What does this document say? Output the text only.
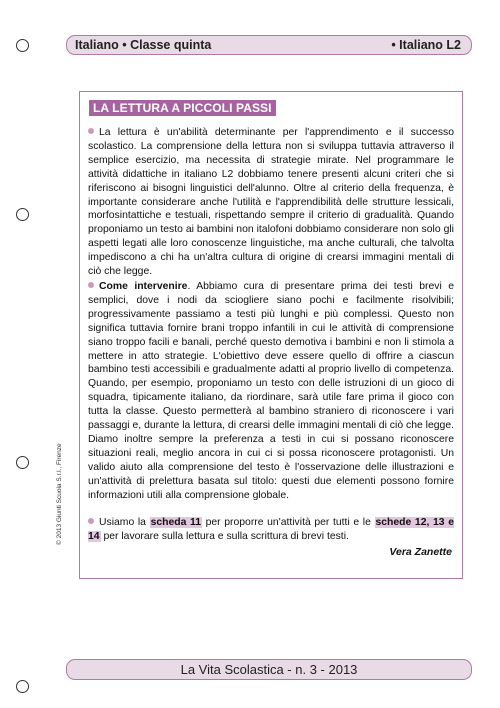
Italiano • Classe quinta	• Italiano L2
LA LETTURA A PICCOLI PASSI

La lettura è un'abilità determinante per l'apprendimento e il successo scolastico. La comprensione della lettura non si sviluppa tuttavia attraverso il semplice esercizio, ma necessita di strategie mirate. Nel programmare le attività didattiche in italiano L2 dobbiamo tenere presenti alcuni criteri che si riferiscono ai bisogni linguistici dell'alunno. Oltre al criterio della frequenza, è importante considerare anche l'utilità e l'apprendibilità delle strutture lessicali, morfosintattiche e testuali, rispettando sempre il criterio di gradualità. Quando proponiamo un testo ai bambini non italofoni dobbiamo considerare non solo gli aspetti legati alle loro conoscenze linguistiche, ma anche culturali, che talvolta impediscono a chi ha un'altra cultura di origine di crearsi immagini mentali di ciò che legge.

Come intervenire. Abbiamo cura di presentare prima dei testi brevi e semplici, dove i nodi da sciogliere siano pochi e facilmente risolvibili; progressivamente passiamo a testi più lunghi e più complessi. Questo non significa tuttavia fornire brani troppo infantili in cui le attività di comprensione siano troppo facili e banali, perché questo demotiva i bambini e non li stimola a mettere in atto strategie. L'obiettivo deve essere quello di offrire a ciascun bambino testi accessibili e gradualmente adatti al proprio livello di competenza. Quando, per esempio, proponiamo un testo con delle istruzioni di un gioco di squadra, tipicamente italiano, da riordinare, sarà utile fare prima il gioco con tutta la classe. Questo permetterà al bambino straniero di riconoscere i vari passaggi e, durante la lettura, di crearsi delle immagini mentali di ciò che legge. Diamo inoltre sempre la preferenza a testi in cui si possano riconoscere situazioni reali, meglio ancora in cui ci si possa riconoscere protagonisti. Un valido aiuto alla comprensione del testo è l'osservazione delle illustrazioni e un'attività di prelettura basata sul titolo: questi due elementi possono fornire informazioni utili alla comprensione globale.

Usiamo la scheda 11 per proporre un'attività per tutti e le schede 12, 13 e 14 per lavorare sulla lettura e sulla scrittura di brevi testi.

Vera Zanette
© 2013 Giunti Scuola S.r.l., Firenze
La Vita Scolastica - n. 3 - 2013
